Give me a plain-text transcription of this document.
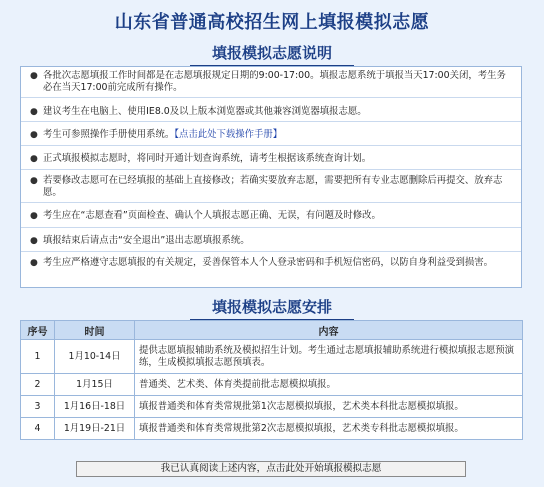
山东省普通高校招生网上填报模拟志愿
填报模拟志愿说明
● 各批次志愿填报工作时间都是在志愿填报规定日期的9:00-17:00。填报志愿系统于填报当天17:00关闭，考生务必在当天17:00前完成所有操作。
● 建议考生在电脑上、使用IE8.0及以上版本浏览器或其他兼容浏览器填报志愿。
● 考生可参照操作手册使用系统。【点击此处下载操作手册】
● 正式填报模拟志愿时，将同时开通计划查询系统，请考生根据该系统查询计划。
● 若要修改志愿可在已经填报的基础上直接修改；若确实要放弃志愿，需要把所有专业志愿删除后再提交、放弃志愿。
● 考生应在“志愿查看”页面检查、确认个人填报志愿正确、无误，有问题及时修改。
● 填报结束后请点击“安全退出”退出志愿填报系统。
● 考生应严格遵守志愿填报的有关规定，妥善保管本人个人登录密码和手机短信密码，以防自身利益受到损害。
填报模拟志愿安排
序号	时间	内容
1	1月10-14日	提供志愿填报辅助系统及模拟招生计划。考生通过志愿填报辅助系统进行模拟填报志愿预演练，生成模拟填报志愿预填表。
2	1月15日	普通类、艺术类、体育类提前批志愿模拟填报。
3	1月16日-18日	填报普通类和体育类常规批第1次志愿模拟填报，艺术类本科批志愿模拟填报。
4	1月19日-21日	填报普通类和体育类常规批第2次志愿模拟填报，艺术类专科批志愿模拟填报。
我已认真阅读上述内容，点击此处开始填报模拟志愿
